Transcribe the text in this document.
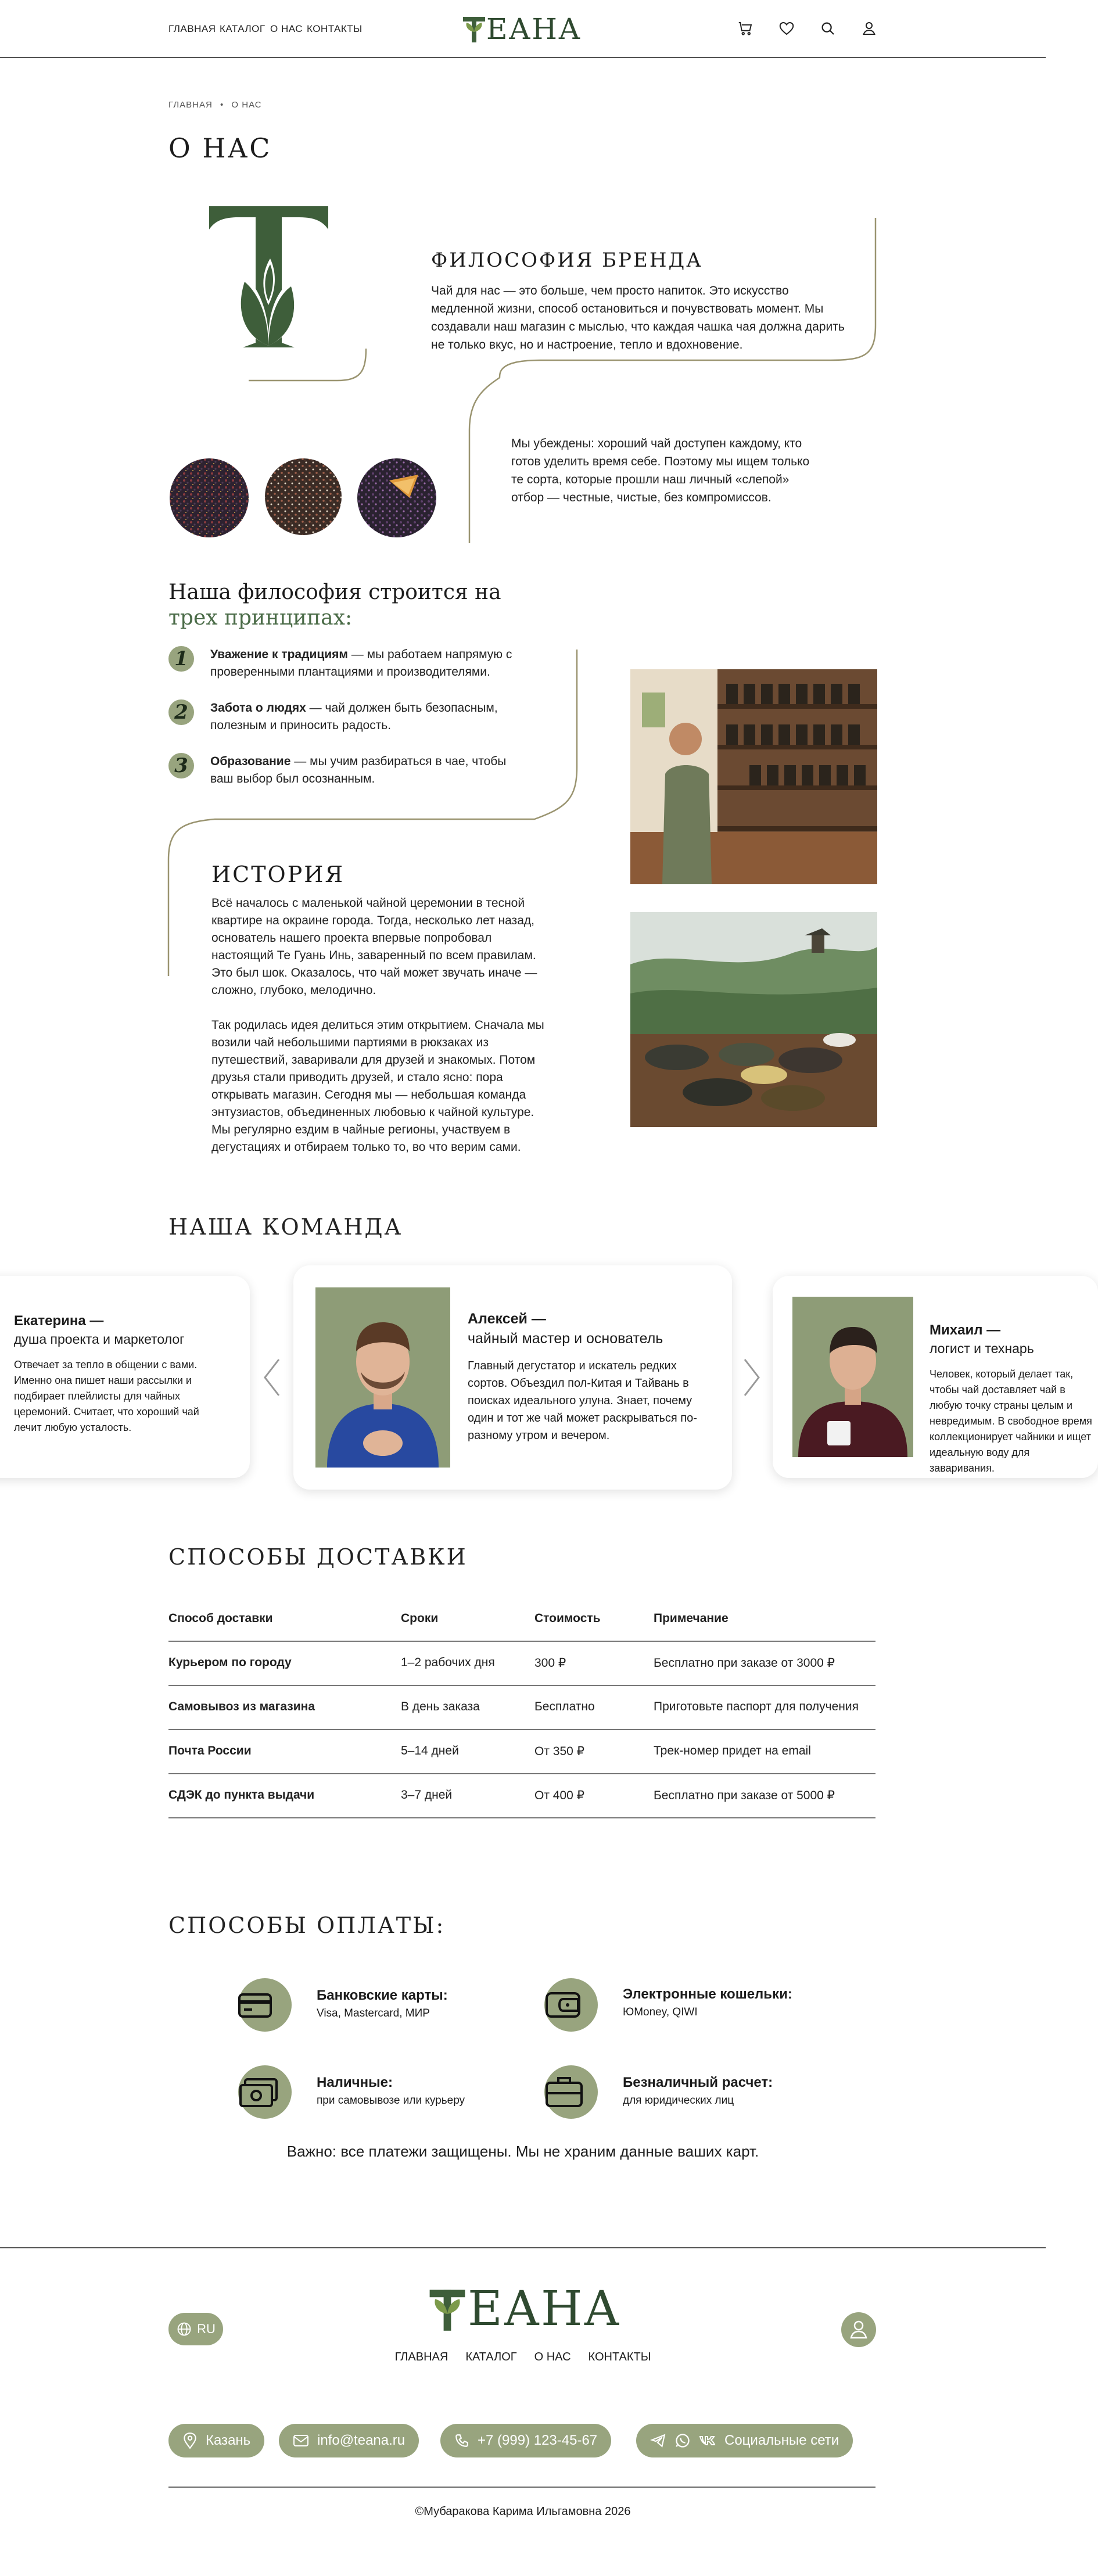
ГЛАВНАЯ КАТАЛОГ О НАС КОНТАКТЫ	ЕАНА
ГЛАВНАЯ • О НАС
О НАС
ФИЛОСОФИЯ БРЕНДА
Чай для нас — это больше, чем просто напиток. Это искусство медленной жизни, способ остановиться и почувствовать момент. Мы создавали наш магазин с мыслью, что каждая чашка чая должна дарить не только вкус, но и настроение, тепло и вдохновение.
Мы убеждены: хороший чай доступен каждому, кто готов уделить время себе. Поэтому мы ищем только те сорта, которые прошли наш личный «слепой» отбор — честные, чистые, без компромиссов.
Наша философия строится на
трех принципах:
1	Уважение к традициям — мы работаем напрямую с проверенными плантациями и производителями.
2	Забота о людях — чай должен быть безопасным, полезным и приносить радость.
3	Образование — мы учим разбираться в чае, чтобы ваш выбор был осознанным.
ИСТОРИЯ
Всё началось с маленькой чайной церемонии в тесной квартире на окраине города. Тогда, несколько лет назад, основатель нашего проекта впервые попробовал настоящий Те Гуань Инь, заваренный по всем правилам. Это был шок. Оказалось, что чай может звучать иначе — сложно, глубоко, мелодично.
Так родилась идея делиться этим открытием. Сначала мы возили чай небольшими партиями в рюкзаках из путешествий, заваривали для друзей и знакомых. Потом друзья стали приводить друзей, и стало ясно: пора открывать магазин. Сегодня мы — небольшая команда энтузиастов, объединенных любовью к чайной культуре. Мы регулярно ездим в чайные регионы, участвуем в дегустациях и отбираем только то, во что верим сами.
НАША КОМАНДА
Екатерина —
душа проекта и маркетолог
Отвечает за тепло в общении с вами. Именно она пишет наши рассылки и подбирает плейлисты для чайных церемоний. Считает, что хороший чай лечит любую усталость.
Алексей —
чайный мастер и основатель
Главный дегустатор и искатель редких сортов. Объездил пол-Китая и Тайвань в поисках идеального улуна. Знает, почему один и тот же чай может раскрываться по-разному утром и вечером.
Михаил —
логист и технарь
Человек, который делает так, чтобы чай доставляет чай в любую точку страны целым и невредимым. В свободное время коллекционирует чайники и ищет идеальную воду для заваривания.
СПОСОБЫ ДОСТАВКИ
Способ доставки	Сроки	Стоимость	Примечание
Курьером по городу	1–2 рабочих дня	300 ₽	Бесплатно при заказе от 3000 ₽
Самовывоз из магазина	В день заказа	Бесплатно	Приготовьте паспорт для получения
Почта России	5–14 дней	От 350 ₽	Трек-номер придет на email
СДЭК до пункта выдачи	3–7 дней	От 400 ₽	Бесплатно при заказе от 5000 ₽
СПОСОБЫ ОПЛАТЫ:
Банковские карты:
Visa, Mastercard, МИР
Электронные кошельки:
ЮMoney, QIWI
Наличные:
при самовывозе или курьеру
Безналичный расчет:
для юридических лиц
Важно: все платежи защищены. Мы не храним данные ваших карт.
RU	ЕАНА
ГЛАВНАЯ КАТАЛОГ О НАС КОНТАКТЫ
Казань	info@teana.ru	+7 (999) 123-45-67	Социальные сети
©Мубаракова Карима Ильгамовна 2026
